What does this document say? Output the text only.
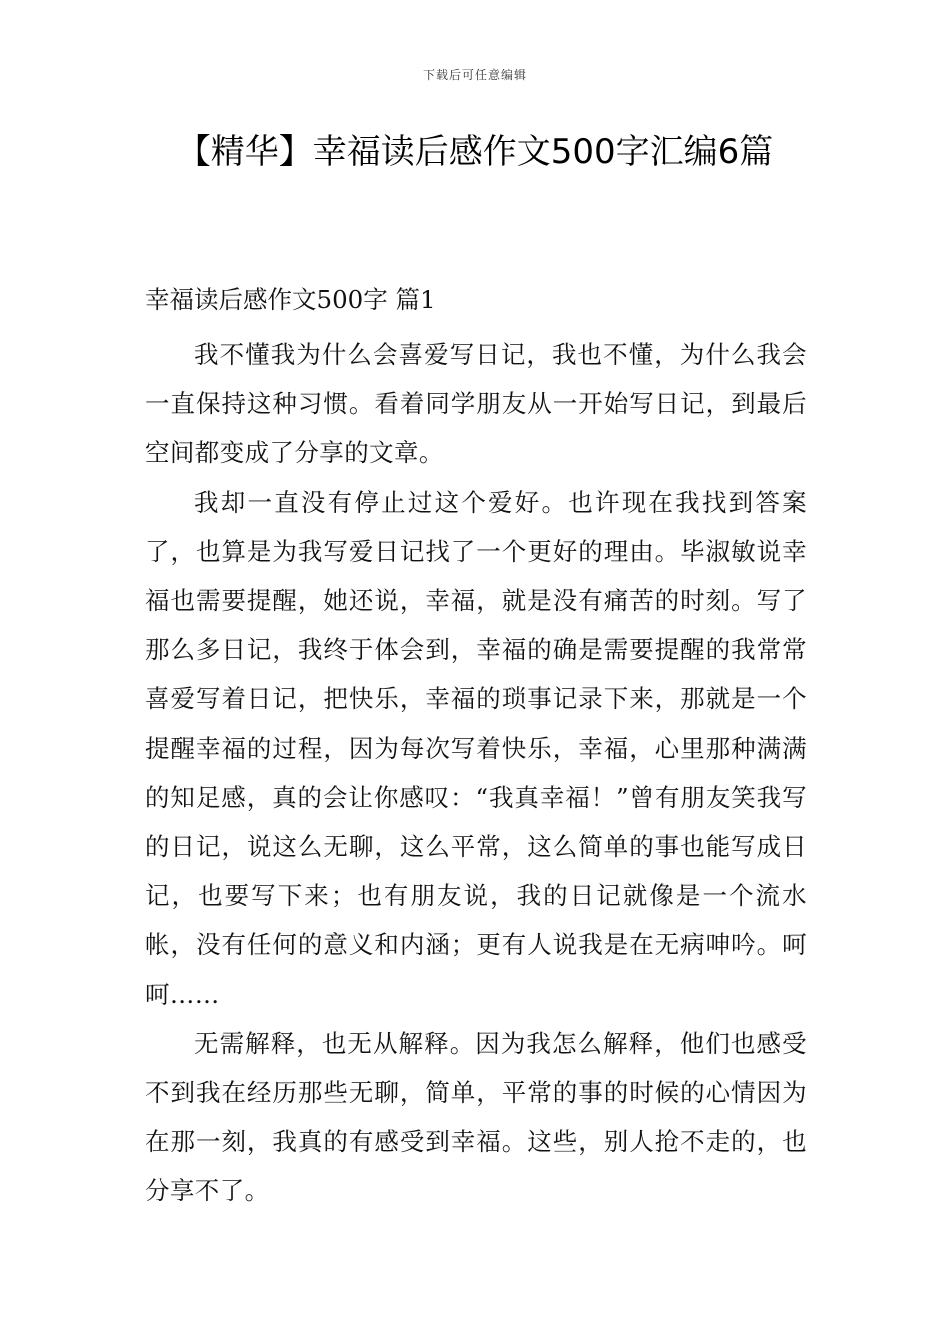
下载后可任意编辑
【精华】幸福读后感作文500字汇编6篇
幸福读后感作文500字 篇1

我不懂我为什么会喜爱写日记，我也不懂，为什么我会一直保持这种习惯。看着同学朋友从一开始写日记，到最后空间都变成了分享的文章。

我却一直没有停止过这个爱好。也许现在我找到答案了，也算是为我写爱日记找了一个更好的理由。毕淑敏说幸福也需要提醒，她还说，幸福，就是没有痛苦的时刻。写了那么多日记，我终于体会到，幸福的确是需要提醒的我常常喜爱写着日记，把快乐，幸福的琐事记录下来，那就是一个提醒幸福的过程，因为每次写着快乐，幸福，心里那种满满的知足感，真的会让你感叹：“我真幸福！”曾有朋友笑我写的日记，说这么无聊，这么平常，这么简单的事也能写成日记，也要写下来；也有朋友说，我的日记就像是一个流水帐，没有任何的意义和内涵；更有人说我是在无病呻吟。呵呵……

无需解释，也无从解释。因为我怎么解释，他们也感受不到我在经历那些无聊，简单，平常的事的时候的心情因为在那一刻，我真的有感受到幸福。这些，别人抢不走的，也分享不了。
